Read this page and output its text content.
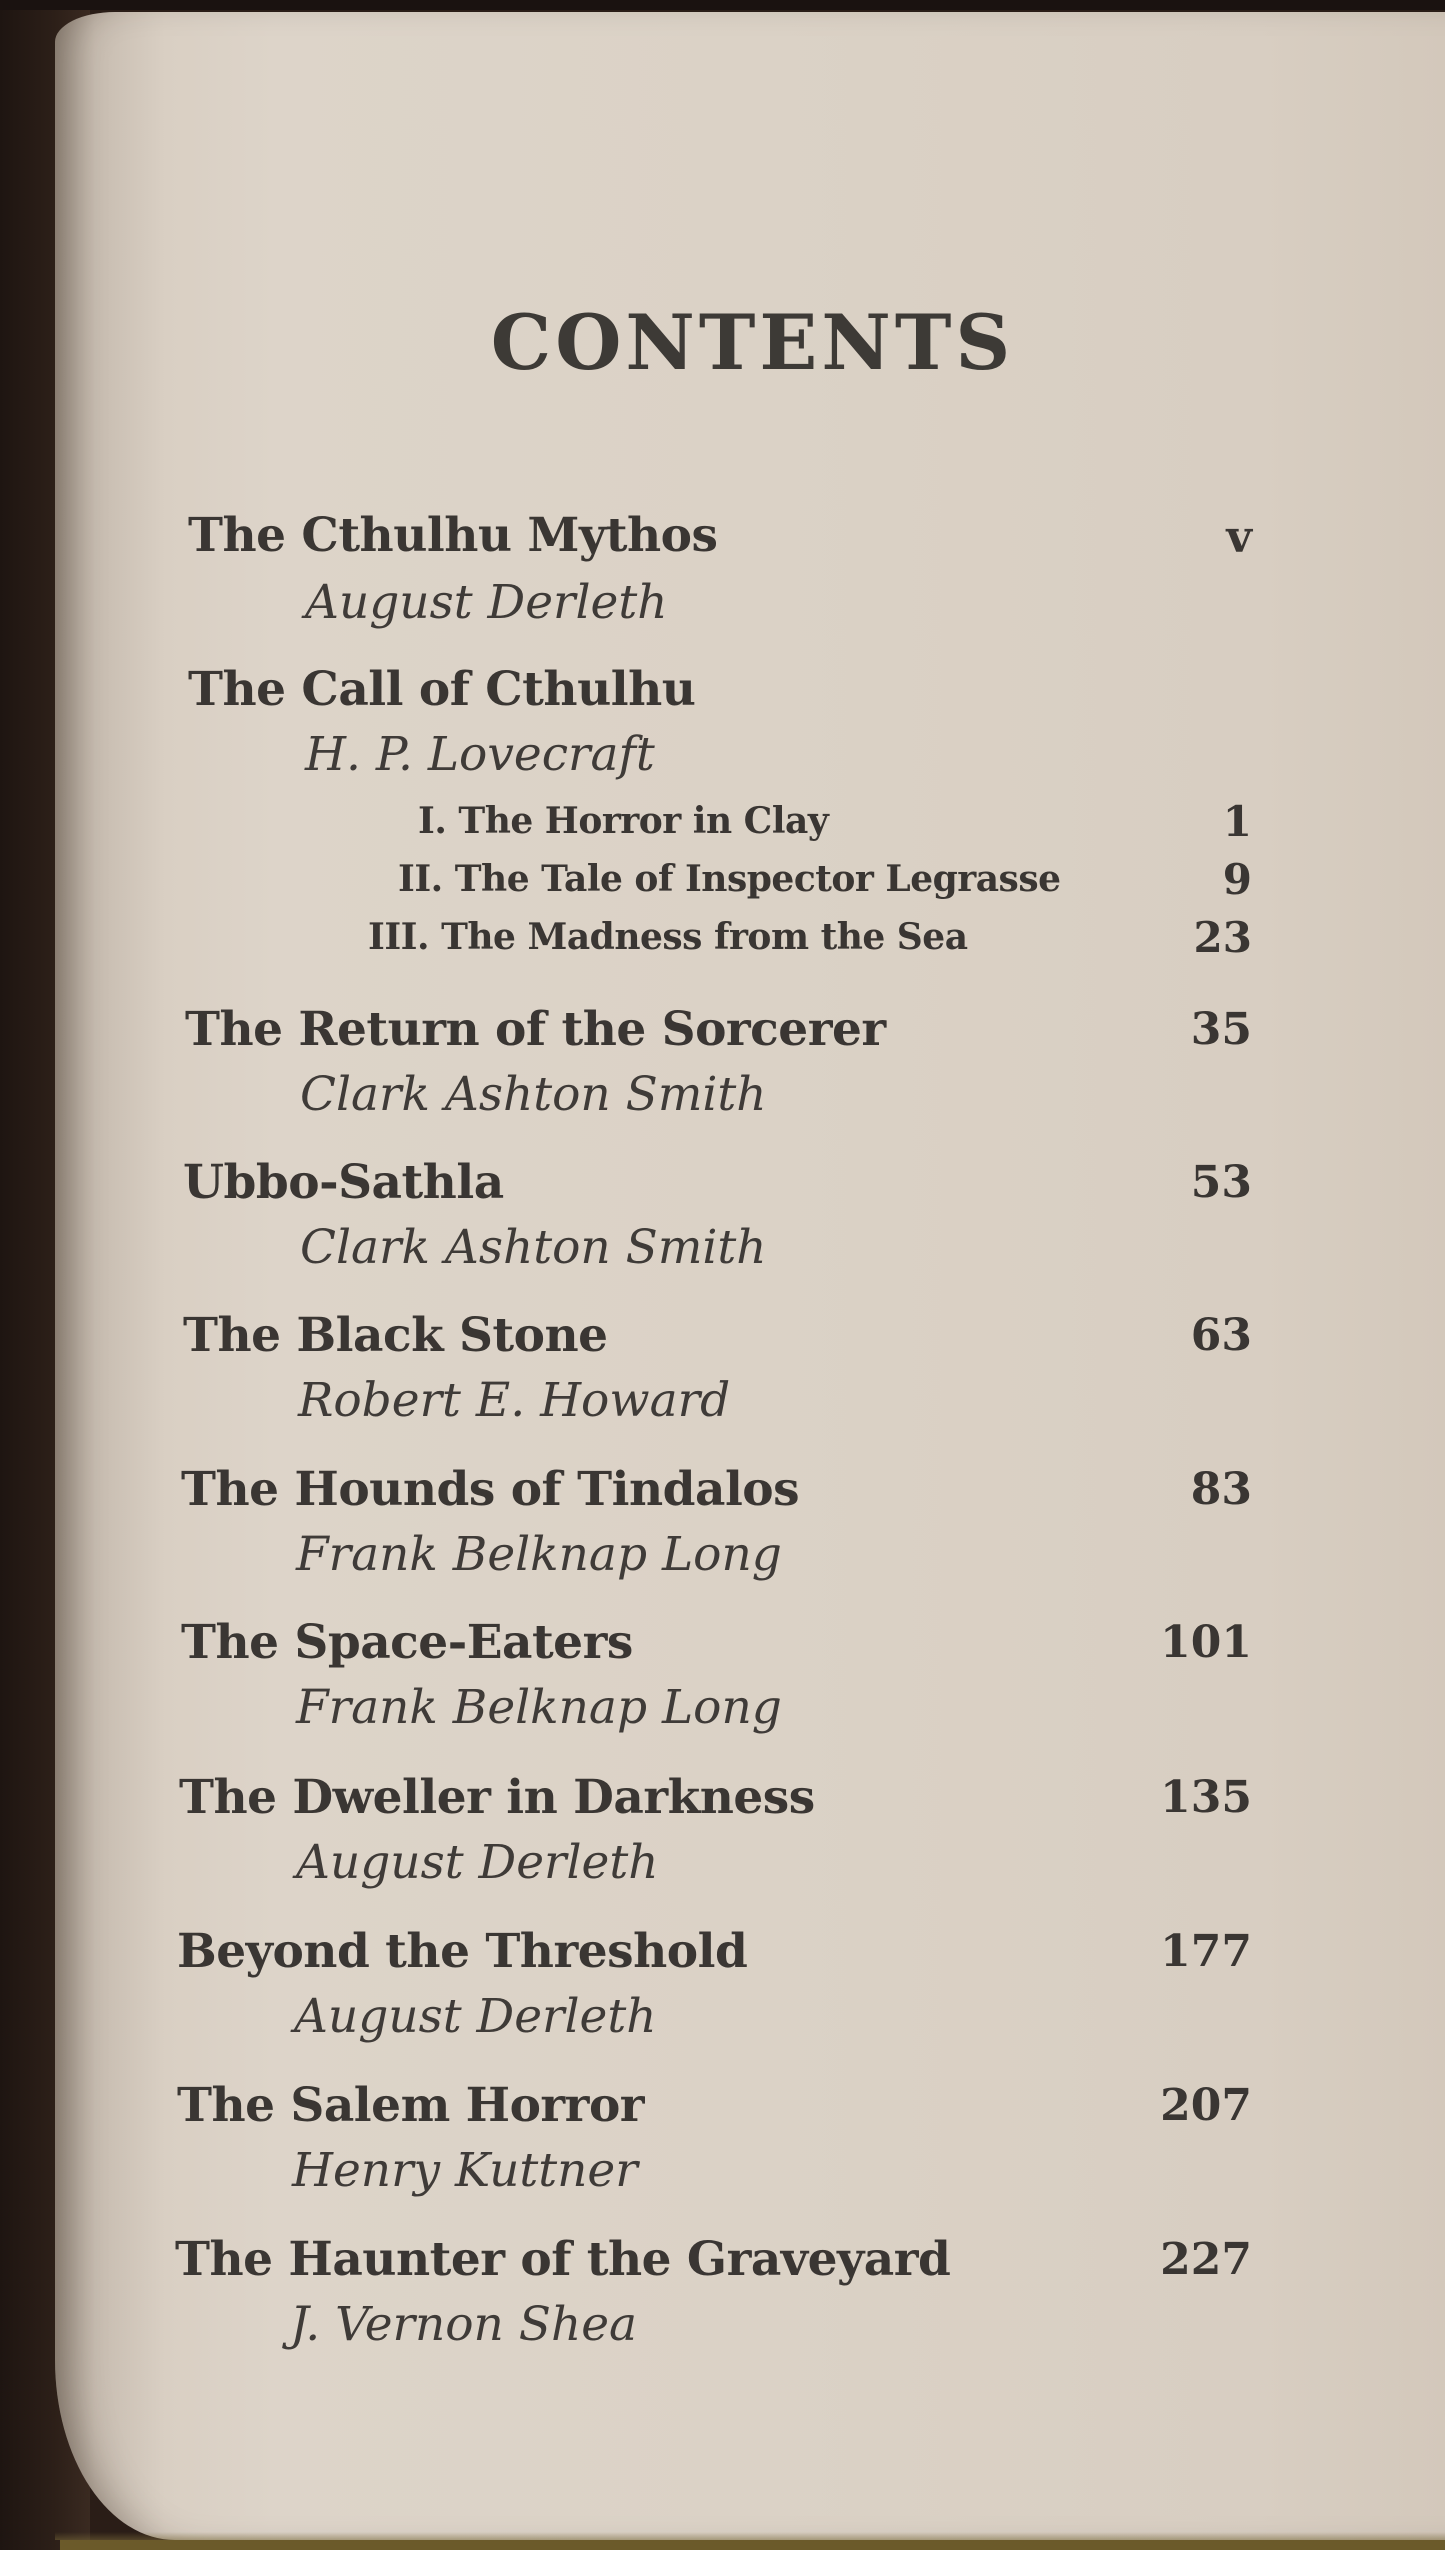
CONTENTS
The Cthulhu Mythos	v
August Derleth
The Call of Cthulhu
H. P. Lovecraft
I. The Horror in Clay	1
II. The Tale of Inspector Legrasse	9
III. The Madness from the Sea	23
The Return of the Sorcerer	35
Clark Ashton Smith
Ubbo-Sathla	53
Clark Ashton Smith
The Black Stone	63
Robert E. Howard
The Hounds of Tindalos	83
Frank Belknap Long
The Space-Eaters	101
Frank Belknap Long
The Dweller in Darkness	135
August Derleth
Beyond the Threshold	177
August Derleth
The Salem Horror	207
Henry Kuttner
The Haunter of the Graveyard	227
J. Vernon Shea
